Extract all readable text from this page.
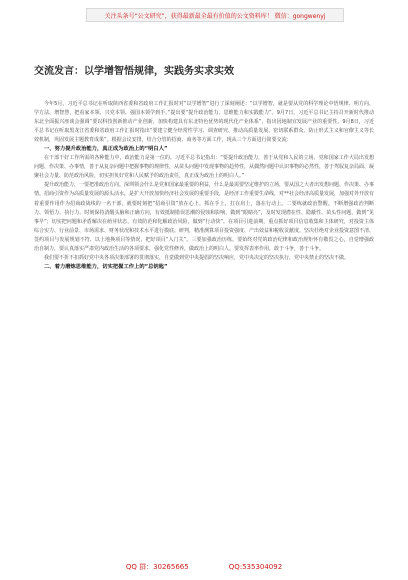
关注头条号“公文研究”，获得最新最全最有价值的公文资料库！ 微信：gongwenyj
交流发言：以学增智悟规律，实践务实求实效

今年5月，习近平总书记在听取陕西省委和省政府工作汇报时对“以学增智”进行了深刻阐述：“以学增智，就是要从党的科学理论中悟规律、明方向、学方法、增智慧，把看家本领、兴党本领、强国本领学到手。”提出要“提升政治能力、思维能力和实践能力”。9月7日，习近平总书记主持召开新时代推动东北全面振兴座谈会强调“要以科技创新推动产业创新，加快构建具有东北特色优势的现代化产业体系”，指出因地制宜发展产业的重要性。9月8日，习近平总书记在听取黑龙江省委和省政府工作汇报时指出“要建立健全经常性学习、调查研究、推动高质量发展、密切联系群众、防止形式主义和官僚主义等长效机制，巩固发展主题教育成果”。根据会议安排，结合分管的招商、商务等方面工作，现从三个方面进行简要交流：

一、努力提升政治能力，真正成为政治上的“明白人”

在干部干好工作所需的各种能力中，政治能力是第一位的。习近平总书记指出：“要提升政治能力，善于从党和人民的立场、党和国家工作大局出发想问题、作决策、办事情，善于从复杂问题中把握事物的规律性，从苗头问题中发现事物的趋势性，从偶然问题中认识事物的必然性，善于驾驭复杂局面、凝聚社会力量、防范政治风险，切实担负好党和人民赋予的政治责任，真正成为政治上的明白人。”

提升政治能力，一要把准政治方向。深圳领会什么是党和国家最重要的利益，什么是最需要坚定维护的立场，要从国之大者出发想问题、作决策、办事情。招商引资作为高质量发展的源头活水，是扩大开放加快经济社会发展的重要手段，是经济工作重要生命线，对**社会经济高质量发展，加强对外开放有着重要作用作为招商政战线的一名干部，就要时刻把“招商引资”放在心上，抓在手上，扛在肩上，落在行动上。二要练就政治警醒。不断增强政治判断力、领悟力、执行力，时刻保持清醒头脑和正确方向，有效抵制错误思潮的侵蚀和影响，做到“眼睛亮”，及时发现潜在性、隐蔽性、苗头性问题，做到“见事早”；切实把问题和矛盾解决在萌芽状态，有效防范和化解政治风险，做到“行动快”。在项目引进前期，重点抓好项目信息收集和主体研究，对投资主体综合实力、行业前景、市场需求、财务状况和技术水平进行摸底、研判，精准测算项目投资强度、产出效益和税收贡献度。坚决杜绝对企业投资意图不清、签约项目与发展规划不符、以土地换项目等情况，把好项目“入门关”。三要加强政治历练。要始终对党的政治纪律和政治规矩怀有敬畏之心，自觉增强政治自制力，要认真落实严肃党内政治生活的各项要求，强化党性修养，做政治上的明白人。要发挥表率作用，敢于斗争，善于斗争。

我们要不折不扣抓好党中央各项决策部署的贯彻落实，自觉做到党中央提倡的坚决响应，党中央决定的坚决执行，党中央禁止的坚决不做。

二、着力磨炼思维能力，切实把握工作上的“总钥匙”
QQ 群：30265665	QQ:535304092
